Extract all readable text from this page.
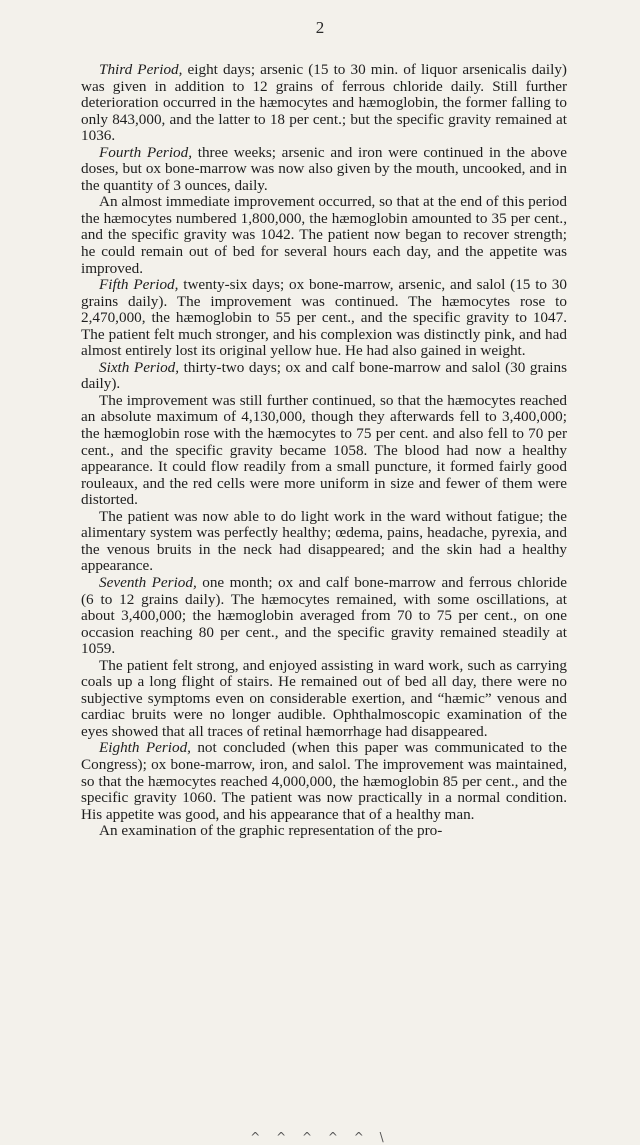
2

Third Period, eight days; arsenic (15 to 30 min. of liquor arsenicalis daily) was given in addition to 12 grains of ferrous chloride daily. Still further deterioration occurred in the hæmocytes and hæmoglobin, the former falling to only 843,000, and the latter to 18 per cent.; but the specific gravity remained at 1036.

Fourth Period, three weeks; arsenic and iron were continued in the above doses, but ox bone-marrow was now also given by the mouth, uncooked, and in the quantity of 3 ounces, daily.

An almost immediate improvement occurred, so that at the end of this period the hæmocytes numbered 1,800,000, the hæmoglobin amounted to 35 per cent., and the specific gravity was 1042. The patient now began to recover strength; he could remain out of bed for several hours each day, and the appetite was improved.

Fifth Period, twenty-six days; ox bone-marrow, arsenic, and salol (15 to 30 grains daily). The improvement was continued. The hæmocytes rose to 2,470,000, the hæmoglobin to 55 per cent., and the specific gravity to 1047. The patient felt much stronger, and his complexion was distinctly pink, and had almost entirely lost its original yellow hue. He had also gained in weight.

Sixth Period, thirty-two days; ox and calf bone-marrow and salol (30 grains daily).

The improvement was still further continued, so that the hæmocytes reached an absolute maximum of 4,130,000, though they afterwards fell to 3,400,000; the hæmoglobin rose with the hæmocytes to 75 per cent. and also fell to 70 per cent., and the specific gravity became 1058. The blood had now a healthy appearance. It could flow readily from a small puncture, it formed fairly good rouleaux, and the red cells were more uniform in size and fewer of them were distorted.

The patient was now able to do light work in the ward without fatigue; the alimentary system was perfectly healthy; œdema, pains, headache, pyrexia, and the venous bruits in the neck had disappeared; and the skin had a healthy appearance.

Seventh Period, one month; ox and calf bone-marrow and ferrous chloride (6 to 12 grains daily). The hæmocytes remained, with some oscillations, at about 3,400,000; the hæmoglobin averaged from 70 to 75 per cent., on one occasion reaching 80 per cent., and the specific gravity remained steadily at 1059.

The patient felt strong, and enjoyed assisting in ward work, such as carrying coals up a long flight of stairs. He remained out of bed all day, there were no subjective symptoms even on considerable exertion, and “hæmic” venous and cardiac bruits were no longer audible. Ophthalmoscopic examination of the eyes showed that all traces of retinal hæmorrhage had disappeared.

Eighth Period, not concluded (when this paper was communicated to the Congress); ox bone-marrow, iron, and salol. The improvement was maintained, so that the hæmocytes reached 4,000,000, the hæmoglobin 85 per cent., and the specific gravity 1060. The patient was now practically in a normal condition. His appetite was good, and his appearance that of a healthy man.

An examination of the graphic representation of the pro-

^ ^ ^ ^ ^ \
